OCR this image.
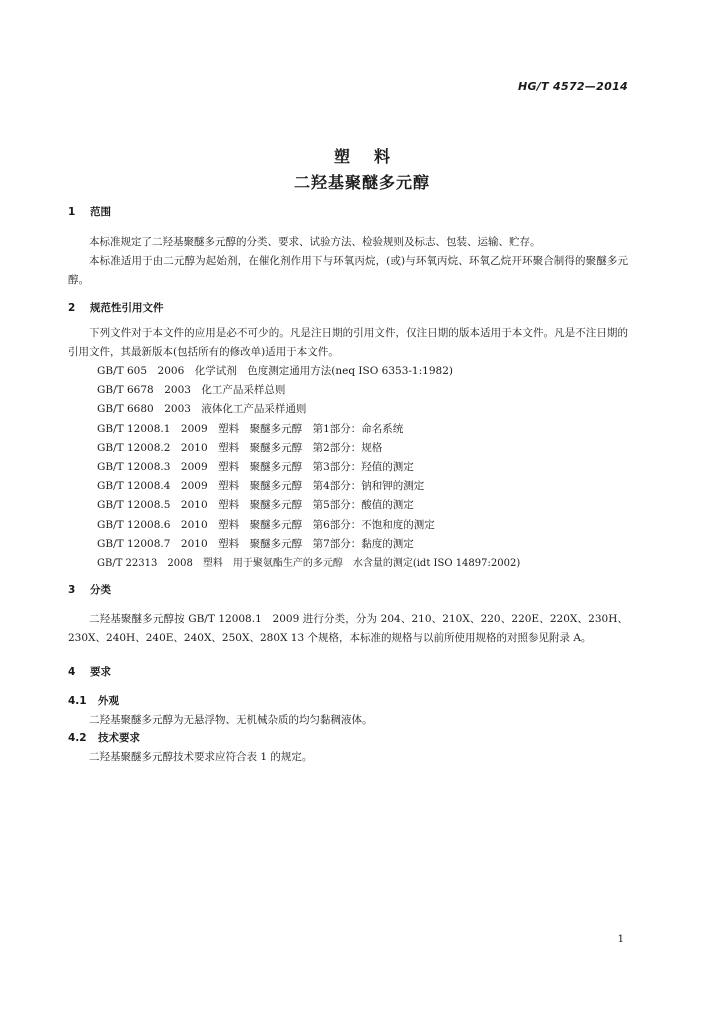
HG/T 4572—2014
塑料
二羟基聚醚多元醇
1 范围

本标准规定了二羟基聚醚多元醇的分类、要求、试验方法、检验规则及标志、包装、运输、贮存。

本标准适用于由二元醇为起始剂，在催化剂作用下与环氧丙烷，(或)与环氧丙烷、环氧乙烷开环聚合制得的聚醚多元醇。

2 规范性引用文件

下列文件对于本文件的应用是必不可少的。凡是注日期的引用文件，仅注日期的版本适用于本文件。凡是不注日期的引用文件，其最新版本(包括所有的修改单)适用于本文件。

GB/T 605　2006　化学试剂　色度测定通用方法(neq ISO 6353-1:1982)
GB/T 6678　2003　化工产品采样总则
GB/T 6680　2003　液体化工产品采样通则
GB/T 12008.1　2009　塑料　聚醚多元醇　第1部分：命名系统
GB/T 12008.2　2010　塑料　聚醚多元醇　第2部分：规格
GB/T 12008.3　2009　塑料　聚醚多元醇　第3部分：羟值的测定
GB/T 12008.4　2009　塑料　聚醚多元醇　第4部分：钠和钾的测定
GB/T 12008.5　2010　塑料　聚醚多元醇　第5部分：酸值的测定
GB/T 12008.6　2010　塑料　聚醚多元醇　第6部分：不饱和度的测定
GB/T 12008.7　2010　塑料　聚醚多元醇　第7部分：黏度的测定
GB/T 22313　2008　塑料　用于聚氨酯生产的多元醇　水含量的测定(idt ISO 14897:2002)
3 分类

二羟基聚醚多元醇按 GB/T 12008.1　2009 进行分类，分为 204、210、210X、220、220E、220X、230H、230X、240H、240E、240X、250X、280X 13 个规格，本标准的规格与以前所使用规格的对照参见附录 A。

4 要求
4.1 外观

二羟基聚醚多元醇为无悬浮物、无机械杂质的均匀黏稠液体。

4.2 技术要求

二羟基聚醚多元醇技术要求应符合表 1 的规定。

1
